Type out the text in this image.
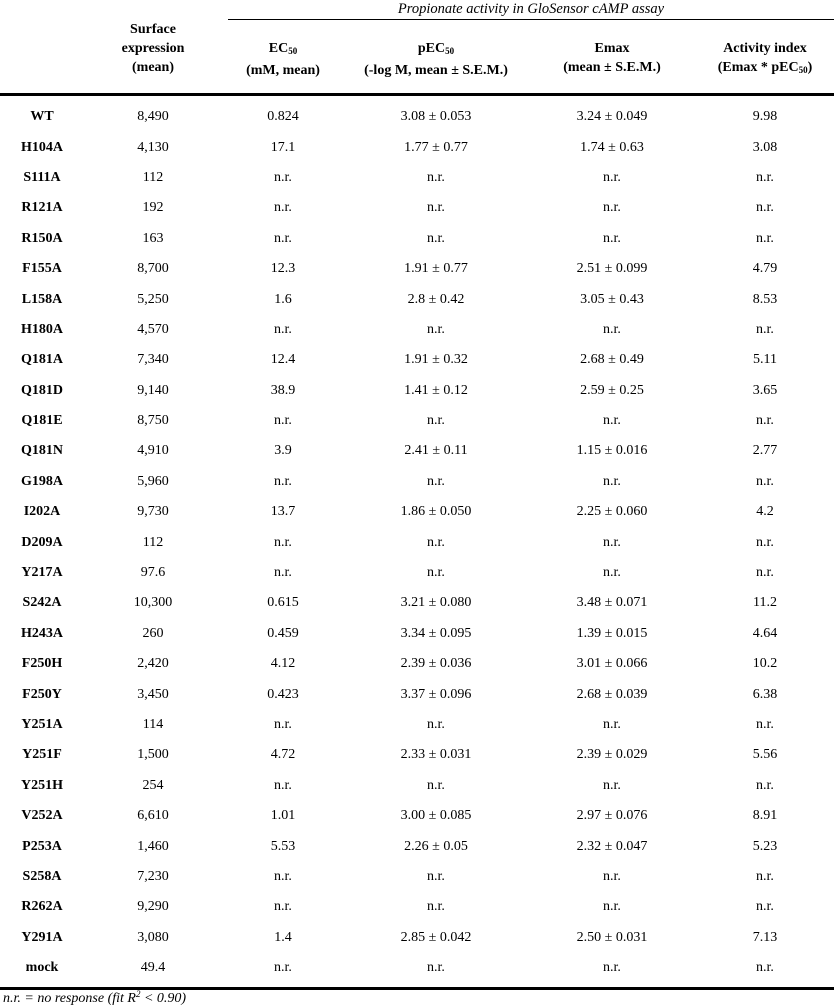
Propionate activity in GloSensor cAMP assay
Surface
expression
(mean)
$EC_{50}$
(mM, mean)
pEC$_{50}$
(-log M, mean ± S.E.M.)
Emax
(mean ± S.E.M.)
Activity index
(Emax * pEC$_{50}$)
WT	8,490	0.824	3.08 ± 0.053	3.24 ± 0.049	9.98
H104A	4,130	17.1	1.77 ± 0.77	1.74 ± 0.63	3.08
S111A	112	n.r.	n.r.	n.r.	n.r.
R121A	192	n.r.	n.r.	n.r.	n.r.
R150A	163	n.r.	n.r.	n.r.	n.r.
F155A	8,700	12.3	1.91 ± 0.77	2.51 ± 0.099	4.79
L158A	5,250	1.6	2.8 ± 0.42	3.05 ± 0.43	8.53
H180A	4,570	n.r.	n.r.	n.r.	n.r.
Q181A	7,340	12.4	1.91 ± 0.32	2.68 ± 0.49	5.11
Q181D	9,140	38.9	1.41 ± 0.12	2.59 ± 0.25	3.65
Q181E	8,750	n.r.	n.r.	n.r.	n.r.
Q181N	4,910	3.9	2.41 ± 0.11	1.15 ± 0.016	2.77
G198A	5,960	n.r.	n.r.	n.r.	n.r.
I202A	9,730	13.7	1.86 ± 0.050	2.25 ± 0.060	4.2
D209A	112	n.r.	n.r.	n.r.	n.r.
Y217A	97.6	n.r.	n.r.	n.r.	n.r.
S242A	10,300	0.615	3.21 ± 0.080	3.48 ± 0.071	11.2
H243A	260	0.459	3.34 ± 0.095	1.39 ± 0.015	4.64
F250H	2,420	4.12	2.39 ± 0.036	3.01 ± 0.066	10.2
F250Y	3,450	0.423	3.37 ± 0.096	2.68 ± 0.039	6.38
Y251A	114	n.r.	n.r.	n.r.	n.r.
Y251F	1,500	4.72	2.33 ± 0.031	2.39 ± 0.029	5.56
Y251H	254	n.r.	n.r.	n.r.	n.r.
V252A	6,610	1.01	3.00 ± 0.085	2.97 ± 0.076	8.91
P253A	1,460	5.53	2.26 ± 0.05	2.32 ± 0.047	5.23
S258A	7,230	n.r.	n.r.	n.r.	n.r.
R262A	9,290	n.r.	n.r.	n.r.	n.r.
Y291A	3,080	1.4	2.85 ± 0.042	2.50 ± 0.031	7.13
mock	49.4	n.r.	n.r.	n.r.	n.r.
n.r. = no response (fit $R^2 < 0.90$)
